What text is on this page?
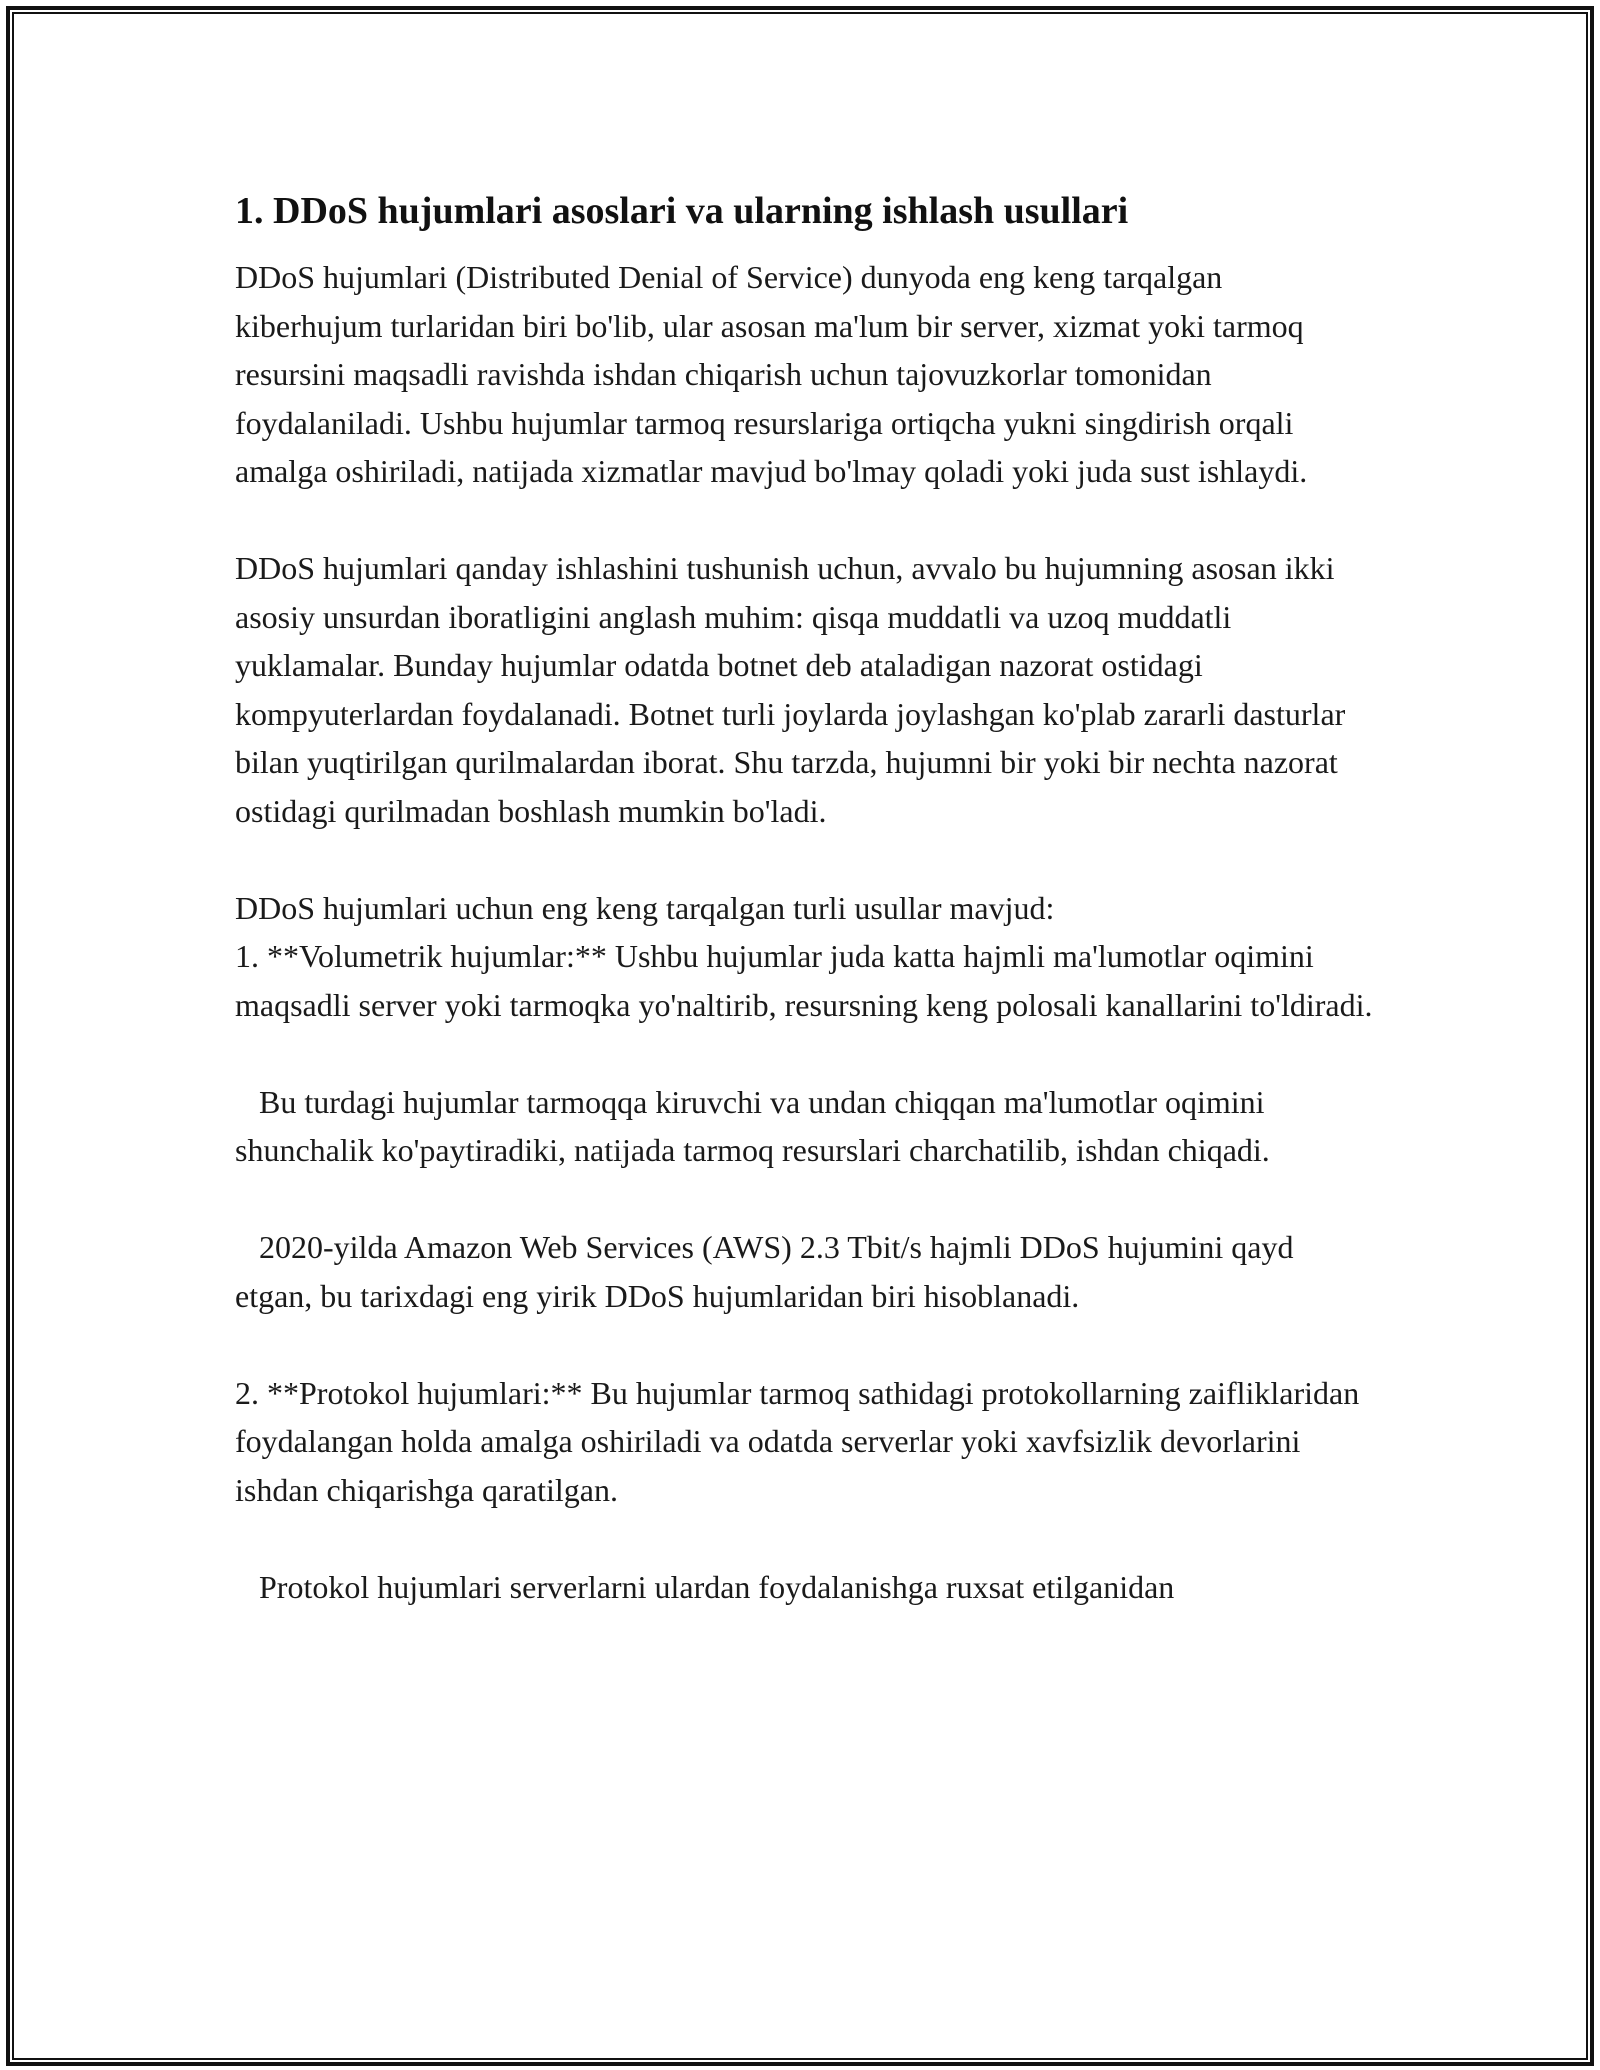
1. DDoS hujumlari asoslari va ularning ishlash usullari

DDoS hujumlari (Distributed Denial of Service) dunyoda eng keng tarqalgan kiberhujum turlaridan biri bo'lib, ular asosan ma'lum bir server, xizmat yoki tarmoq resursini maqsadli ravishda ishdan chiqarish uchun tajovuzkorlar tomonidan foydalaniladi. Ushbu hujumlar tarmoq resurslariga ortiqcha yukni singdirish orqali amalga oshiriladi, natijada xizmatlar mavjud bo'lmay qoladi yoki juda sust ishlaydi.

DDoS hujumlari qanday ishlashini tushunish uchun, avvalo bu hujumning asosan ikki asosiy unsurdan iboratligini anglash muhim: qisqa muddatli va uzoq muddatli yuklamalar. Bunday hujumlar odatda botnet deb ataladigan nazorat ostidagi kompyuterlardan foydalanadi. Botnet turli joylarda joylashgan ko'plab zararli dasturlar bilan yuqtirilgan qurilmalardan iborat. Shu tarzda, hujumni bir yoki bir nechta nazorat ostidagi qurilmadan boshlash mumkin bo'ladi.

DDoS hujumlari uchun eng keng tarqalgan turli usullar mavjud:

1. **Volumetrik hujumlar:** Ushbu hujumlar juda katta hajmli ma'lumotlar oqimini maqsadli server yoki tarmoqka yo'naltirib, resursning keng polosali kanallarini to'ldiradi.

Bu turdagi hujumlar tarmoqqa kiruvchi va undan chiqqan ma'lumotlar oqimini shunchalik ko'paytiradiki, natijada tarmoq resurslari charchatilib, ishdan chiqadi.

2020-yilda Amazon Web Services (AWS) 2.3 Tbit/s hajmli DDoS hujumini qayd etgan, bu tarixdagi eng yirik DDoS hujumlaridan biri hisoblanadi.

2. **Protokol hujumlari:** Bu hujumlar tarmoq sathidagi protokollarning zaifliklaridan foydalangan holda amalga oshiriladi va odatda serverlar yoki xavfsizlik devorlarini ishdan chiqarishga qaratilgan.

Protokol hujumlari serverlarni ulardan foydalanishga ruxsat etilganidan
